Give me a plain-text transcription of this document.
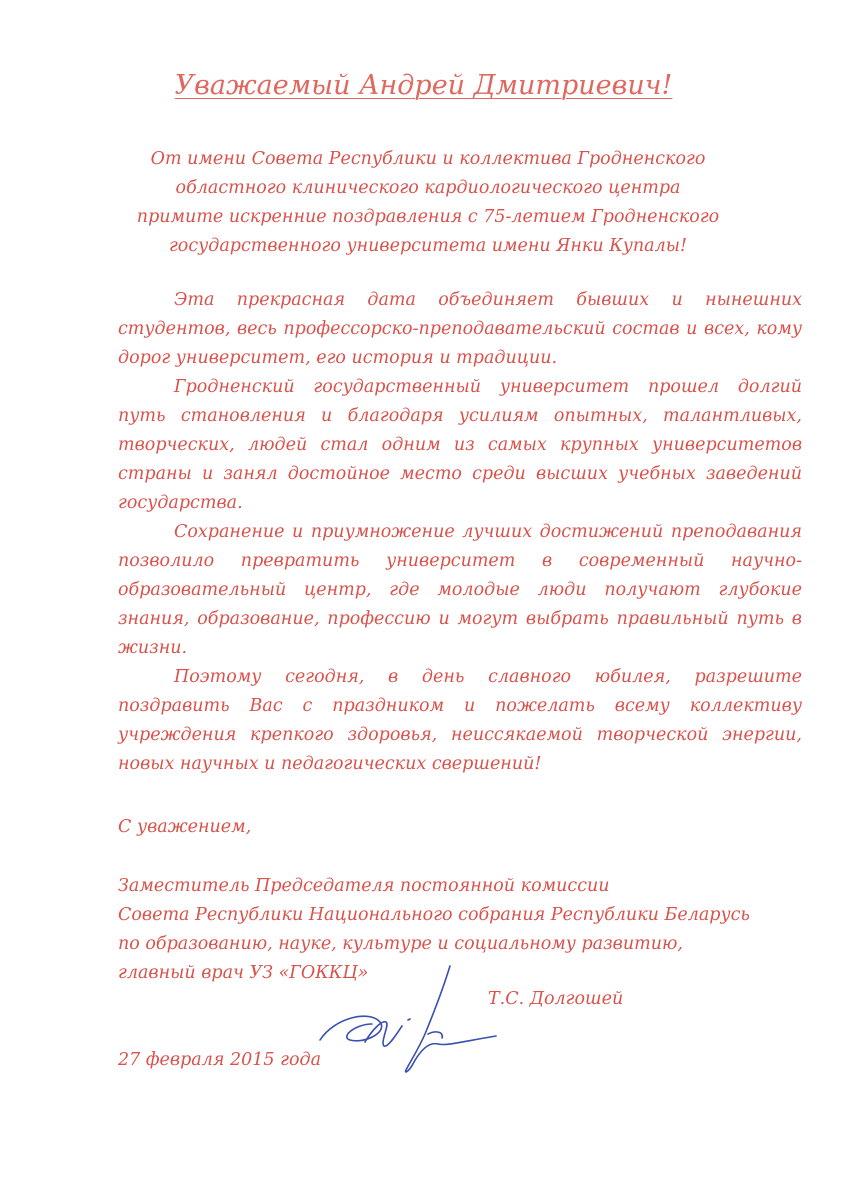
Уважаемый Андрей Дмитриевич!
От имени Совета Республики и коллектива Гродненского областного клинического кардиологического центра примите искренние поздравления с 75-летием Гродненского государственного университета имени Янки Купалы!

Эта прекрасная дата объединяет бывших и нынешних студентов, весь профессорско-преподавательский состав и всех, кому дорог университет, его история и традиции.

Гродненский государственный университет прошел долгий путь становления и благодаря усилиям опытных, талантливых, творческих, людей стал одним из самых крупных университетов страны и занял достойное место среди высших учебных заведений государства.

Сохранение и приумножение лучших достижений преподавания позволило превратить университет в современный научно-образовательный центр, где молодые люди получают глубокие знания, образование, профессию и могут выбрать правильный путь в жизни.

Поэтому сегодня, в день славного юбилея, разрешите поздравить Вас с праздником и пожелать всему коллективу учреждения крепкого здоровья, неиссякаемой творческой энергии, новых научных и педагогических свершений!

С уважением,
Заместитель Председателя постоянной комиссии
Совета Республики Национального собрания Республики Беларусь
по образованию, науке, культуре и социальному развитию,
главный врач УЗ «ГОККЦ»
Т.С. Долгошей
27 февраля 2015 года
